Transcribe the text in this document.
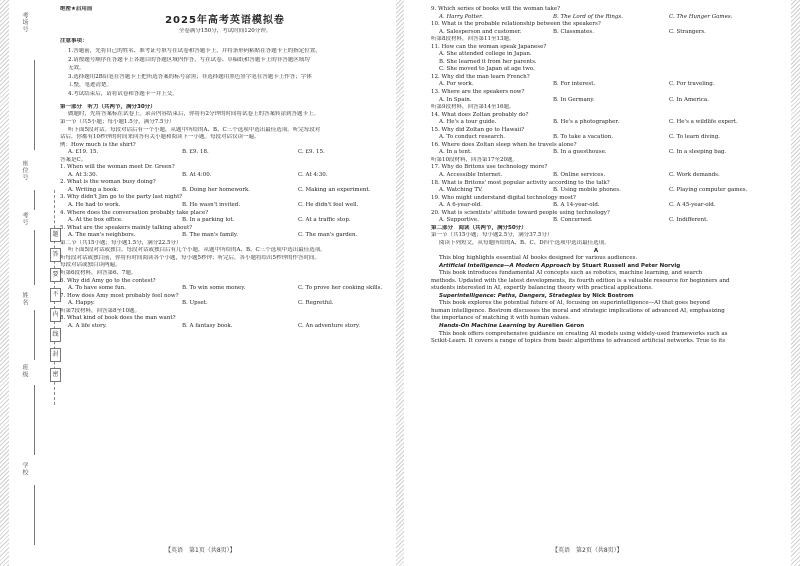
考场号
座位号
考号
姓名
班级
学校
题
答
要
不
内
线
封
密
绝密★启用前
2025年高考英语模拟卷
全卷满分150分，考试时间120分钟。
注意事项：
1.答题前，先将自己的姓名、准考证号填写在试卷和答题卡上，并将条形码粘贴在答题卡上的指定位置。
2.请按题号顺序在答题卡上各题目的答题区域内作答，写在试卷、草稿纸和答题卡上的非答题区域均
无效。
3.选择题用2B铅笔在答题卡上把所选答案的标号涂黑；非选择题用黑色签字笔在答题卡上作答；字体
工整，笔迹清楚。
4.考试结束后，请将试卷和答题卡一并上交。
第一部分　听力（共两节，满分30分）
做题时，先将答案标在试卷上。录音内容结束后，你将有2分钟的时间将试卷上的答案转涂到答题卡上。
第一节（共5小题；每小题1.5分，满分7.5分）
听下面5段对话。每段对话后有一个小题，从题中所给的A、B、C三个选项中选出最佳选项。听完每段对
话后，你都有10秒钟的时间来回答有关小题和阅读下一小题。每段对话仅读一遍。
例：How much is the shirt?
A. £19. 15.	B. £9. 18.	C. £9. 15.
答案是C。
1. When will the woman meet Dr. Green?
A. At 3:30.	B. At 4:00.	C. At 4:30.
2. What is the woman busy doing?
A. Writing a book.	B. Doing her homework.	C. Making an experiment.
3. Why didn't Jim go to the party last night?
A. He had to work.	B. He wasn't invited.	C. He didn't feel well.
4. Where does the conversation probably take place?
A. At the box office.	B. In a parking lot.	C. At a traffic stop.
5. What are the speakers mainly talking about?
A. The man's neighbors.	B. The man's family.	C. The man's garden.
第二节（共15小题；每小题1.5分，满分22.5分）
听下面5段对话或独白。每段对话或独白后有几个小题，从题中所给的A、B、C三个选项中选出最佳选项。
听每段对话或独白前，你将有时间阅读各个小题，每小题5秒钟；听完后，各小题将给出5秒钟的作答时间。
每段对话或独白读两遍。
听第6段材料，回答第6、7题。
6. Why did Amy go to the contest?
A. To have some fun.	B. To win some money.	C. To prove her cooking skills.
7. How does Amy most probably feel now?
A. Happy.	B. Upset.	C. Regretful.
听第7段材料，回答第8至10题。
8. What kind of book does the man want?
A. A life story.	B. A fantasy book.	C. An adventure story.
9. Which series of books will the woman take?
A. Harry Potter.	B. The Lord of the Rings.	C. The Hunger Games.
10. What is the probable relationship between the speakers?
A. Salesperson and customer.	B. Classmates.	C. Strangers.
听第8段材料，回答第11至13题。
11. How can the woman speak Japanese?
A. She attended college in Japan.
B. She learned it from her parents.
C. She moved to Japan at age two.
12. Why did the man learn French?
A. For work.	B. For interest.	C. For traveling.
13. Where are the speakers now?
A. In Spain.	B. In Germany.	C. In America.
听第9段材料，回答第14至16题。
14. What does Zoltan probably do?
A. He's a tour guide.	B. He's a photographer.	C. He's a wildlife expert.
15. Why did Zoltan go to Hawaii?
A. To conduct research.	B. To take a vacation.	C. To learn diving.
16. Where does Zoltan sleep when he travels alone?
A. In a tent.	B. In a guesthouse.	C. In a sleeping bag.
听第10段材料，回答第17至20题。
17. Why do Britons use technology more?
A. Accessible Internet.	B. Online services.	C. Work demands.
18. What is Britons' most popular activity according to the talk?
A. Watching TV.	B. Using mobile phones.	C. Playing computer games.
19. Who might understand digital technology most?
A. A 6-year-old.	B. A 14-year-old.	C. A 45-year-old.
20. What is scientists' attitude toward people using technology?
A. Supportive.	B. Concerned.	C. Indifferent.
第二部分　阅读（共两节，满分50分）
第一节（共15小题；每小题2.5分，满分37.5分）
阅读下列短文，从每题所给的A、B、C、D四个选项中选出最佳选项。
A
This blog highlights essential AI books designed for various audiences.
Artificial Intelligence—A Modern Approach by Stuart Russell and Peter Norvig
This book introduces fundamental AI concepts such as robotics, machine learning, and search
methods. Updated with the latest developments, its fourth edition is a valuable resource for beginners and
students interested in AI, expertly balancing theory with practical applications.
Superintelligence: Paths, Dangers, Strategies by Nick Bostrom
This book explores the potential future of AI, focusing on superintelligence—AI that goes beyond
human intelligence. Bostrom discusses the moral and strategic implications of advanced AI, emphasizing
the importance of matching it with human values.
Hands-On Machine Learning by Aurélien Géron
This book offers comprehensive guidance on creating AI models using widely-used frameworks such as
Scikit-Learn. It covers a range of topics from basic algorithms to advanced artificial networks. True to its
【英语　第1页（共8页）】	【英语　第2页（共8页）】
